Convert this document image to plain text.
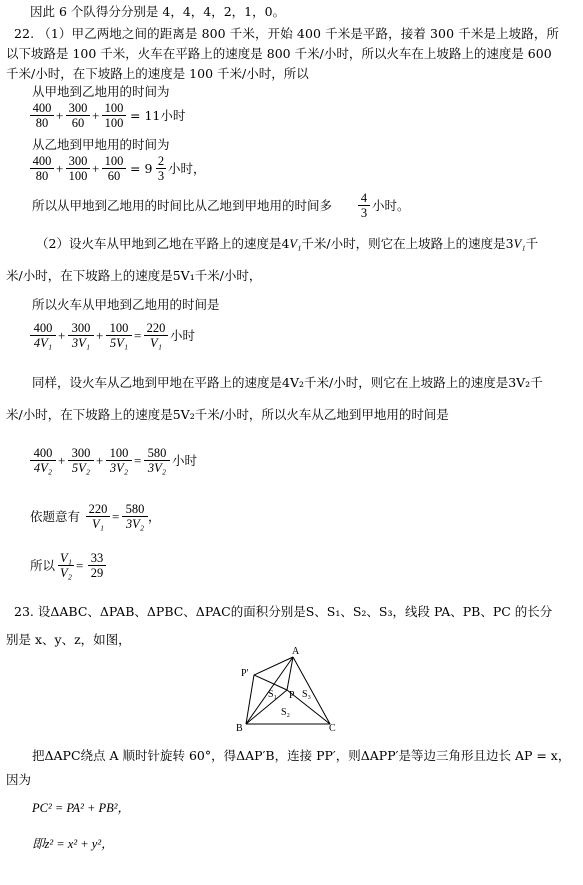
因此 6 个队得分分别是 4，4，4，2，1，0。
22. （1）甲乙两地之间的距离是 800 千米，开始 400 千米是平路，接着 300 千米是上坡路，所
以下坡路是 100 千米，火车在平路上的速度是 800 千米/小时，所以火车在上坡路上的速度是 600
千米/小时，在下坡路上的速度是 100 千米/小时，所以
从甲地到乙地用的时间为
$\frac{400}{80} + \frac{300}{60} + \frac{100}{100} = 11$小时
从乙地到甲地用的时间为
$\frac{400}{80} + \frac{300}{100} + \frac{100}{60} = 9 \frac{2}{3}$ 小时，
所以从甲地到乙地用的时间比从乙地到甲地用的时间多 $\frac{4}{3}$ 小时。
（2）设火车从甲地到乙地在平路上的速度是4V₁千米/小时，则它在上坡路上的速度是3V₁千
米/小时，在下坡路上的速度是5V₁千米/小时，
所以火车从甲地到乙地用的时间是
$\frac{400}{\text{4V₁}} + \frac{300}{\text{3V₁}} + \frac{100}{\text{5V₁}} = \frac{220}{\text{V₁}}$ 小时
同样，设火车从乙地到甲地在平路上的速度是4V₂千米/小时，则它在上坡路上的速度是3V₂千
米/小时，在下坡路上的速度是5V₂千米/小时，所以火车从乙地到甲地用的时间是
$\frac{400}{\text{4V₂}} + \frac{300}{\text{5V₂}} + \frac{100}{\text{3V₂}} = \frac{580}{\text{3V₂}}$ 小时
依题意有 $\frac{220}{\text{V₁}} = \frac{580}{\text{3V₂}}$ ，
所以 $\frac{\text{V₁}}{\text{V₂}} = \frac{33}{29}$
23. 设ΔABC、ΔPAB、ΔPBC、ΔPAC的面积分别是S、S₁、S₂、S₃，线段 PA、PB、PC 的长分
别是 x、y、z，如图，
A
P′
P
B	C
S₁
S₂
S₃
把ΔAPC绕点 A 顺时针旋转 60°，得ΔAP′B，连接 PP′，则ΔAPP′是等边三角形且边长 AP = x，
因为
PC² = PA² + PB²，
即z² = x² + y²，
